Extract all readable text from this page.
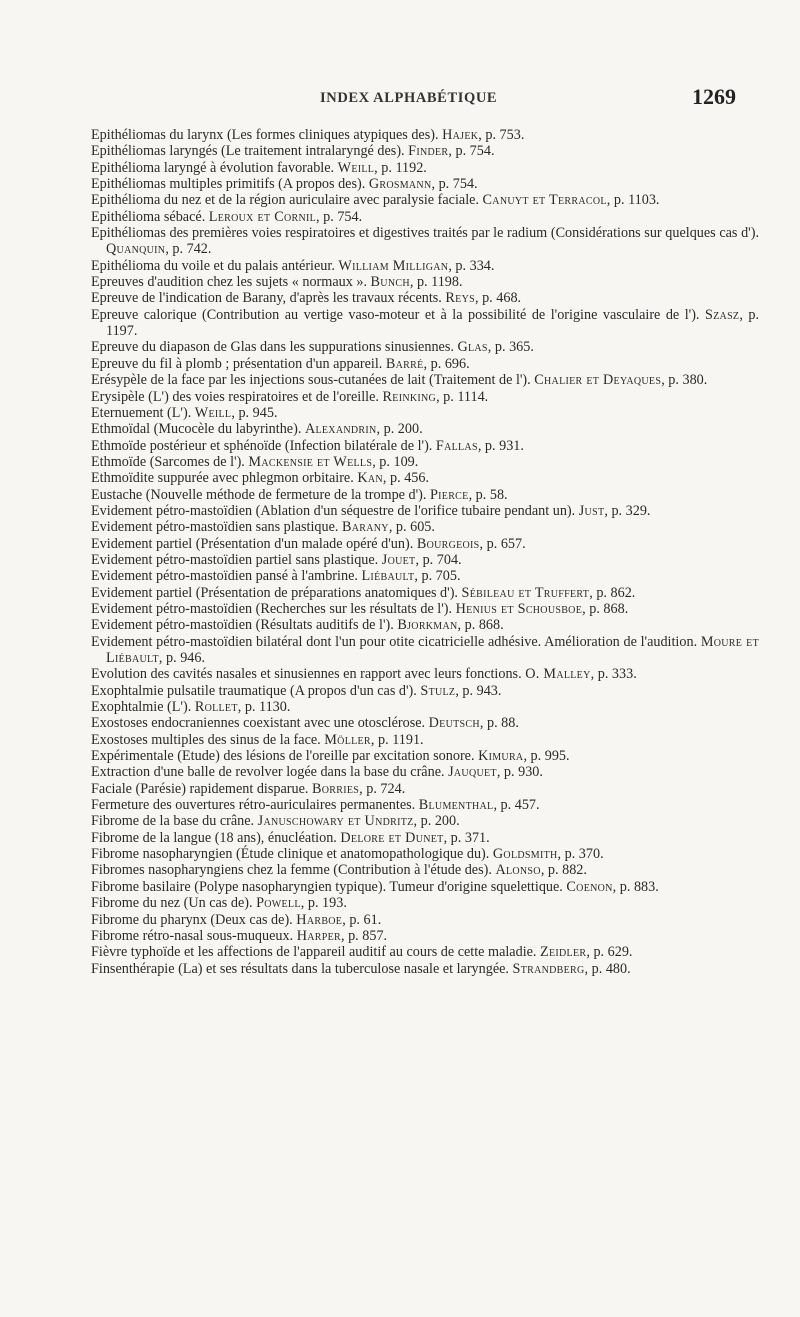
INDEX ALPHABÉTIQUE	1269
Epithéliomas du larynx (Les formes cliniques atypiques des). Hajek, p. 753.
Epithéliomas laryngés (Le traitement intralaryngé des). Finder, p. 754.
Epithélioma laryngé à évolution favorable. Weill, p. 1192.
Epithéliomas multiples primitifs (A propos des). Grosmann, p. 754.
Epithélioma du nez et de la région auriculaire avec paralysie faciale. Canuyt et Terracol, p. 1103.
Epithélioma sébacé. Leroux et Cornil, p. 754.
Epithéliomas des premières voies respiratoires et digestives traités par le radium (Considérations sur quelques cas d'). Quanquin, p. 742.
Epithélioma du voile et du palais antérieur. William Milligan, p. 334.
Epreuves d'audition chez les sujets « normaux ». Bunch, p. 1198.
Epreuve de l'indication de Barany, d'après les travaux récents. Reys, p. 468.
Epreuve calorique (Contribution au vertige vaso-moteur et à la possibilité de l'origine vasculaire de l'). Szasz, p. 1197.
Epreuve du diapason de Glas dans les suppurations sinusiennes. Glas, p. 365.
Epreuve du fil à plomb ; présentation d'un appareil. Barré, p. 696.
Erésypèle de la face par les injections sous-cutanées de lait (Traitement de l'). Chalier et Deyaques, p. 380.
Erysipèle (L') des voies respiratoires et de l'oreille. Reinking, p. 1114.
Eternuement (L'). Weill, p. 945.
Ethmoïdal (Mucocèle du labyrinthe). Alexandrin, p. 200.
Ethmoïde postérieur et sphénoïde (Infection bilatérale de l'). Fallas, p. 931.
Ethmoïde (Sarcomes de l'). Mackensie et Wells, p. 109.
Ethmoïdite suppurée avec phlegmon orbitaire. Kan, p. 456.
Eustache (Nouvelle méthode de fermeture de la trompe d'). Pierce, p. 58.
Evidement pétro-mastoïdien (Ablation d'un séquestre de l'orifice tubaire pendant un). Just, p. 329.
Evidement pétro-mastoïdien sans plastique. Barany, p. 605.
Evidement partiel (Présentation d'un malade opéré d'un). Bourgeois, p. 657.
Evidement pétro-mastoïdien partiel sans plastique. Jouet, p. 704.
Evidement pétro-mastoïdien pansé à l'ambrine. Liébault, p. 705.
Evidement partiel (Présentation de préparations anatomiques d'). Sébileau et Truffert, p. 862.
Evidement pétro-mastoïdien (Recherches sur les résultats de l'). Henius et Schousboe, p. 868.
Evidement pétro-mastoïdien (Résultats auditifs de l'). Bjorkman, p. 868.
Evidement pétro-mastoïdien bilatéral dont l'un pour otite cicatricielle adhésive. Amélioration de l'audition. Moure et Liébault, p. 946.
Evolution des cavités nasales et sinusiennes en rapport avec leurs fonctions. O. Malley, p. 333.
Exophtalmie pulsatile traumatique (A propos d'un cas d'). Stulz, p. 943.
Exophtalmie (L'). Rollet, p. 1130.
Exostoses endocraniennes coexistant avec une otosclérose. Deutsch, p. 88.
Exostoses multiples des sinus de la face. Möller, p. 1191.
Expérimentale (Etude) des lésions de l'oreille par excitation sonore. Kimura, p. 995.
Extraction d'une balle de revolver logée dans la base du crâne. Jauquet, p. 930.
Faciale (Parésie) rapidement disparue. Borries, p. 724.
Fermeture des ouvertures rétro-auriculaires permanentes. Blumenthal, p. 457.
Fibrome de la base du crâne. Januschowary et Undritz, p. 200.
Fibrome de la langue (18 ans), énucléation. Delore et Dunet, p. 371.
Fibrome nasopharyngien (Étude clinique et anatomopathologique du). Goldsmith, p. 370.
Fibromes nasopharyngiens chez la femme (Contribution à l'étude des). Alonso, p. 882.
Fibrome basilaire (Polype nasopharyngien typique). Tumeur d'origine squelettique. Coenon, p. 883.
Fibrome du nez (Un cas de). Powell, p. 193.
Fibrome du pharynx (Deux cas de). Harboe, p. 61.
Fibrome rétro-nasal sous-muqueux. Harper, p. 857.
Fièvre typhoïde et les affections de l'appareil auditif au cours de cette maladie. Zeidler, p. 629.
Finsenthérapie (La) et ses résultats dans la tuberculose nasale et laryngée. Strandberg, p. 480.
